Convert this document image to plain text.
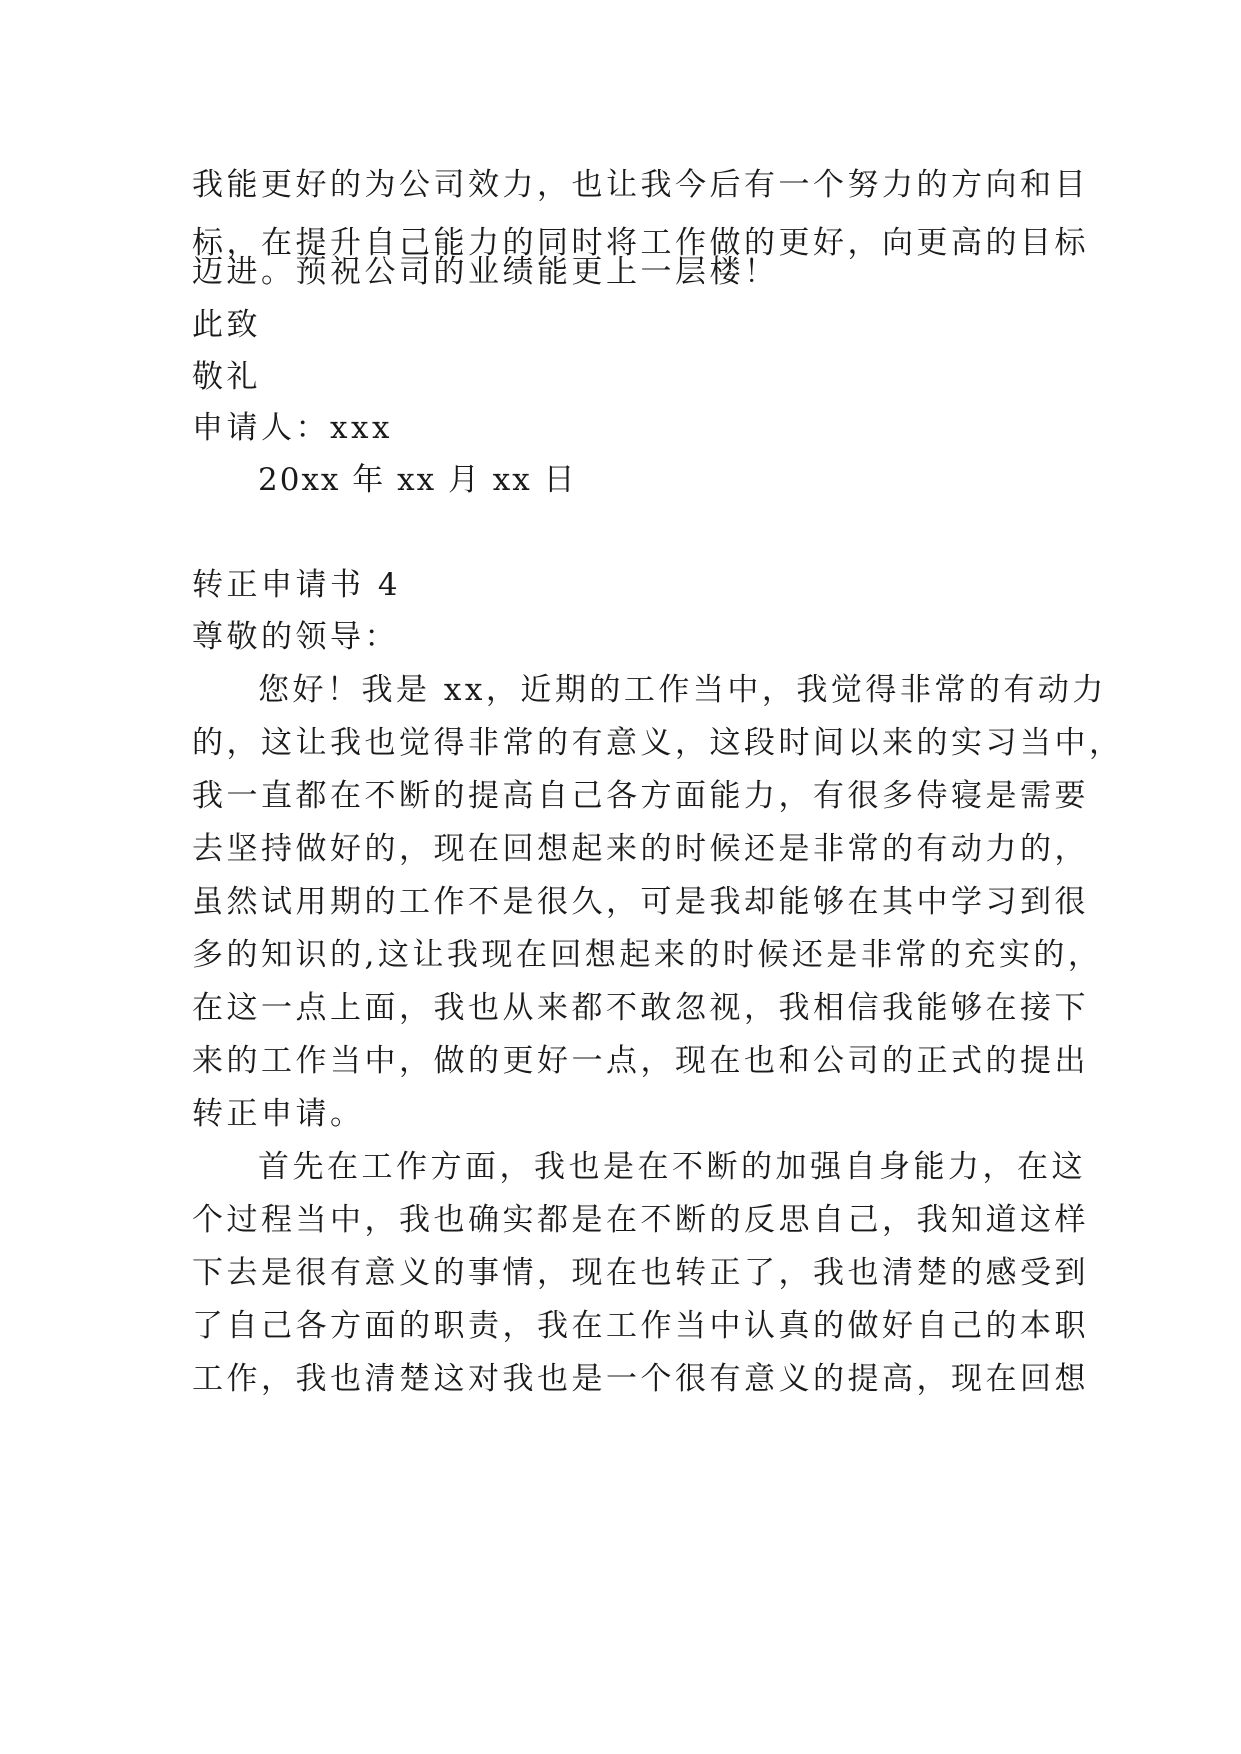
我能更好的为公司效力，也让我今后有一个努力的方向和目
标，在提升自己能力的同时将工作做的更好，向更高的目标
迈进。预祝公司的业绩能更上一层楼！
此致
敬礼
申请人：xxx
20xx 年 xx 月 xx 日
转正申请书 4
尊敬的领导：
您好！我是 xx，近期的工作当中，我觉得非常的有动力
的，这让我也觉得非常的有意义，这段时间以来的实习当中，
我一直都在不断的提高自己各方面能力，有很多侍寝是需要
去坚持做好的，现在回想起来的时候还是非常的有动力的，
虽然试用期的工作不是很久，可是我却能够在其中学习到很
多的知识的,这让我现在回想起来的时候还是非常的充实的，
在这一点上面，我也从来都不敢忽视，我相信我能够在接下
来的工作当中，做的更好一点，现在也和公司的正式的提出
转正申请。
首先在工作方面，我也是在不断的加强自身能力，在这
个过程当中，我也确实都是在不断的反思自己，我知道这样
下去是很有意义的事情，现在也转正了，我也清楚的感受到
了自己各方面的职责，我在工作当中认真的做好自己的本职
工作，我也清楚这对我也是一个很有意义的提高，现在回想
